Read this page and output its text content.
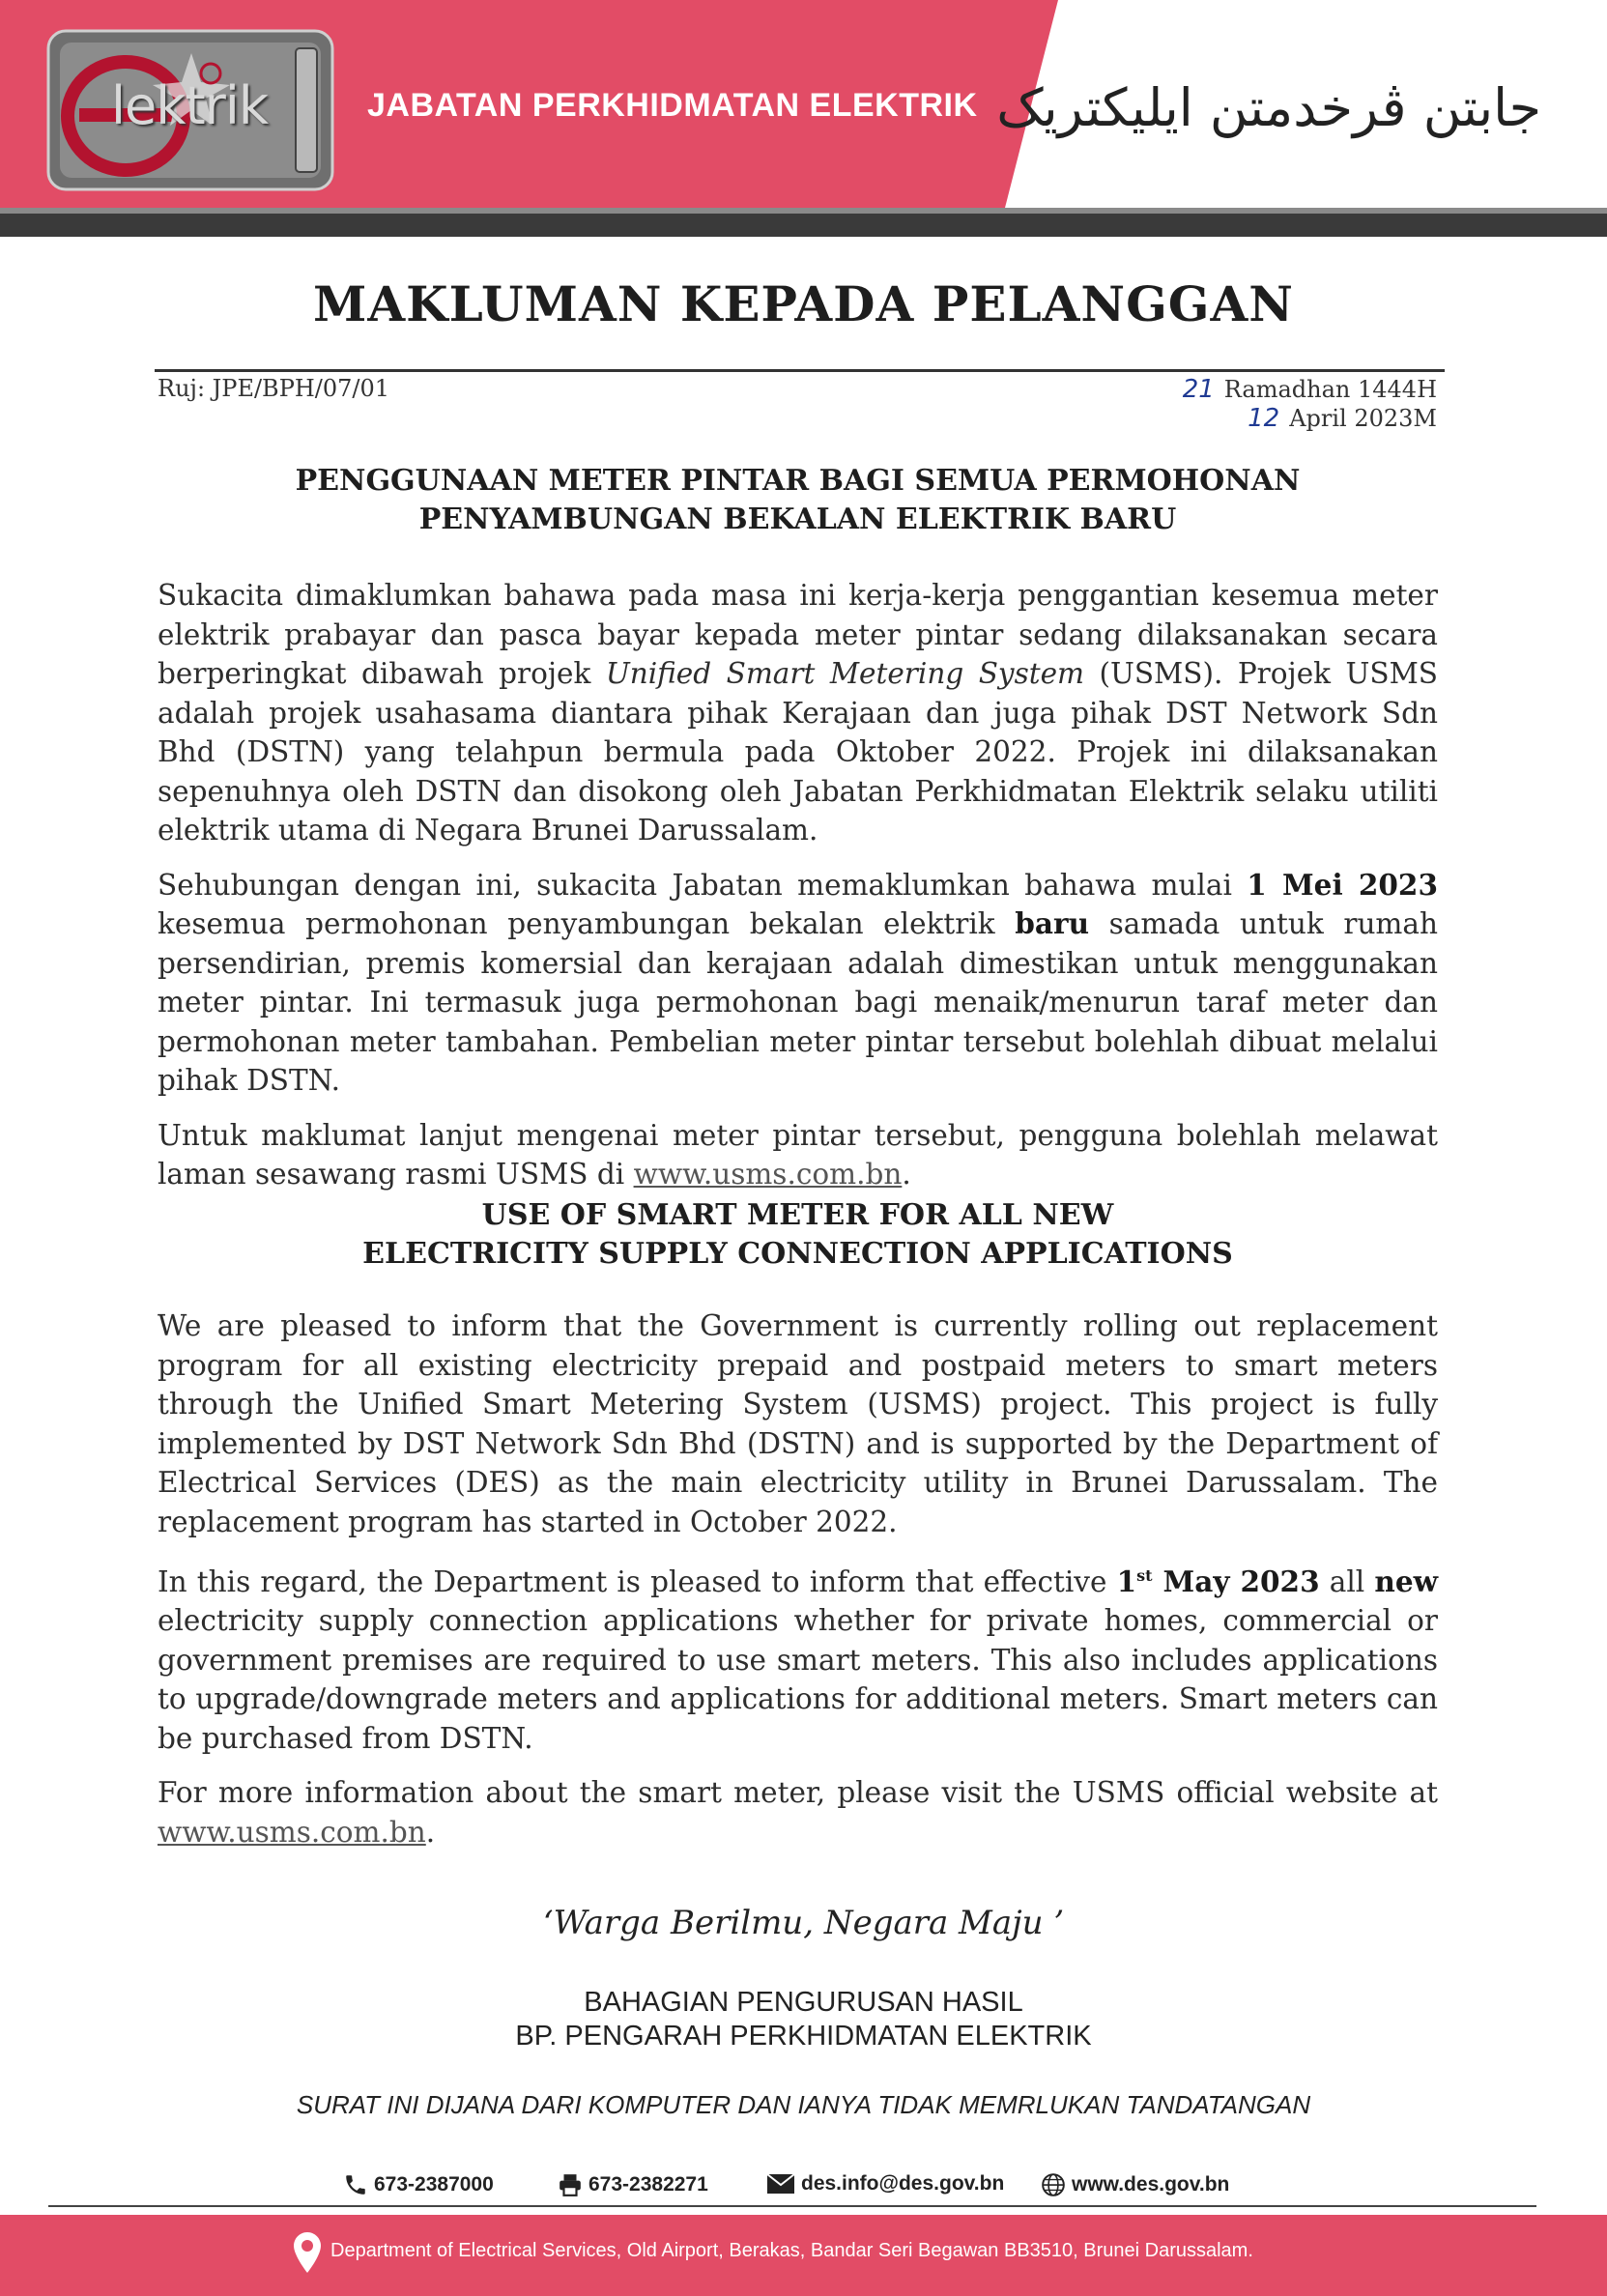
lektrik	JABATAN PERKHIDMATAN ELEKTRIK جابتن ڤرخدمتن ايليكتريک
MAKLUMAN KEPADA PELANGGAN
Ruj: JPE/BPH/07/01	21 Ramadhan 1444H
12 April 2023M
PENGGUNAAN METER PINTAR BAGI SEMUA PERMOHONAN
PENYAMBUNGAN BEKALAN ELEKTRIK BARU

Sukacita dimaklumkan bahawa pada masa ini kerja-kerja penggantian kesemua meter elektrik prabayar dan pasca bayar kepada meter pintar sedang dilaksanakan secara berperingkat dibawah projek Unified Smart Metering System (USMS). Projek USMS adalah projek usahasama diantara pihak Kerajaan dan juga pihak DST Network Sdn Bhd (DSTN) yang telahpun bermula pada Oktober 2022. Projek ini dilaksanakan sepenuhnya oleh DSTN dan disokong oleh Jabatan Perkhidmatan Elektrik selaku utiliti elektrik utama di Negara Brunei Darussalam.

Sehubungan dengan ini, sukacita Jabatan memaklumkan bahawa mulai 1 Mei 2023 kesemua permohonan penyambungan bekalan elektrik baru samada untuk rumah persendirian, premis komersial dan kerajaan adalah dimestikan untuk menggunakan meter pintar. Ini termasuk juga permohonan bagi menaik/menurun taraf meter dan permohonan meter tambahan. Pembelian meter pintar tersebut bolehlah dibuat melalui pihak DSTN.

Untuk maklumat lanjut mengenai meter pintar tersebut, pengguna bolehlah melawat laman sesawang rasmi USMS di www.usms.com.bn.

USE OF SMART METER FOR ALL NEW
ELECTRICITY SUPPLY CONNECTION APPLICATIONS

We are pleased to inform that the Government is currently rolling out replacement program for all existing electricity prepaid and postpaid meters to smart meters through the Unified Smart Metering System (USMS) project. This project is fully implemented by DST Network Sdn Bhd (DSTN) and is supported by the Department of Electrical Services (DES) as the main electricity utility in Brunei Darussalam. The replacement program has started in October 2022.

In this regard, the Department is pleased to inform that effective 1st May 2023 all new electricity supply connection applications whether for private homes, commercial or government premises are required to use smart meters. This also includes applications to upgrade/downgrade meters and applications for additional meters. Smart meters can be purchased from DSTN.

For more information about the smart meter, please visit the USMS official website at www.usms.com.bn.

‘Warga Berilmu, Negara Maju ’
BAHAGIAN PENGURUSAN HASIL
BP. PENGARAH PERKHIDMATAN ELEKTRIK
SURAT INI DIJANA DARI KOMPUTER DAN IANYA TIDAK MEMRLUKAN TANDATANGAN
673-2387000	673-2382271	des.info@des.gov.bn	www.des.gov.bn
Department of Electrical Services, Old Airport, Berakas, Bandar Seri Begawan BB3510, Brunei Darussalam.
